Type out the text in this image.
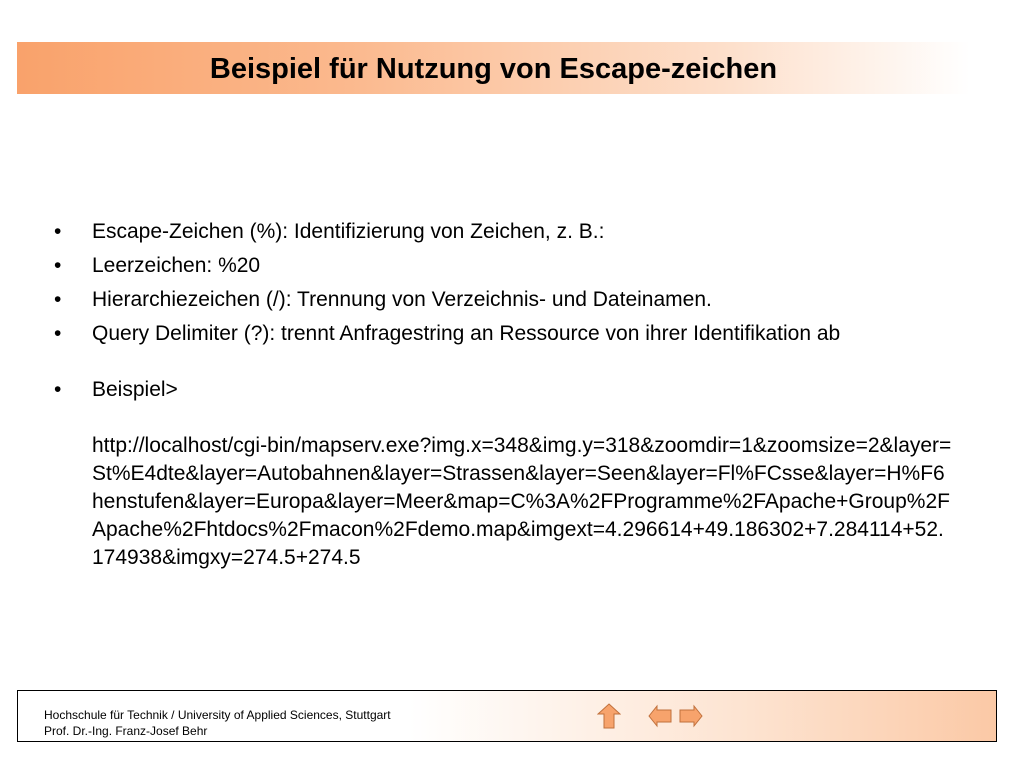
Beispiel für Nutzung von Escape-zeichen
•	Escape-Zeichen (%): Identifizierung von Zeichen, z. B.:
•	Leerzeichen: %20
•	Hierarchiezeichen (/): Trennung von Verzeichnis- und Dateinamen.
•	Query Delimiter (?): trennt Anfragestring an Ressource von ihrer Identifikation ab
•	Beispiel>
http://localhost/cgi-bin/mapserv.exe?img.x=348&img.y=318&zoomdir=1&zoomsize=2&layer=St%E4dte&layer=Autobahnen&layer=Strassen&layer=Seen&layer=Fl%FCsse&layer=H%F6henstufen&layer=Europa&layer=Meer&map=C%3A%2FProgramme%2FApache+Group%2FApache%2Fhtdocs%2Fmacon%2Fdemo.map&imgext=4.296614+49.186302+7.284114+52.174938&imgxy=274.5+274.5
Hochschule für Technik / University of Applied Sciences, Stuttgart
Prof. Dr.-Ing. Franz-Josef Behr
